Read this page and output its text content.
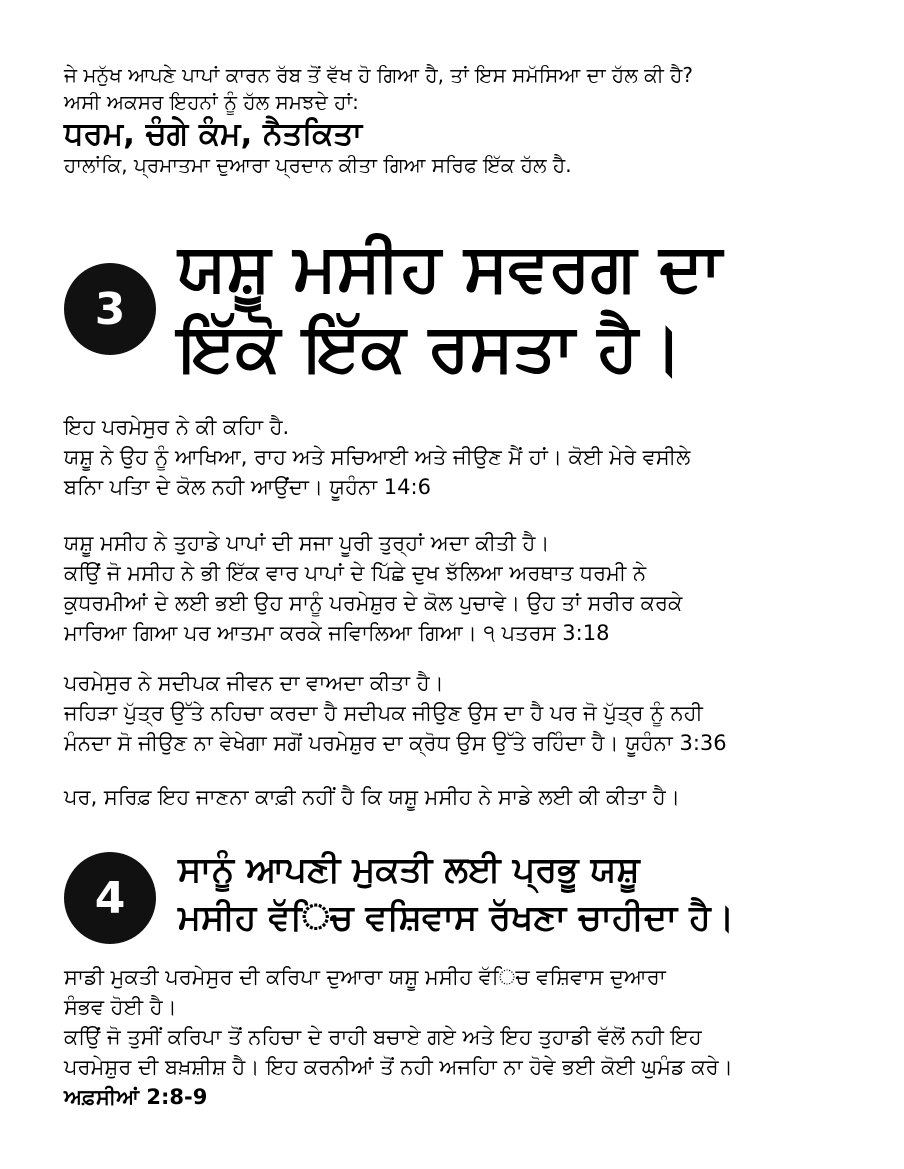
ਜੇ ਮਨੁੱਖ ਆਪਣੇ ਪਾਪਾਂ ਕਾਰਨ ਰੱਬ ਤੋਂ ਵੱਖ ਹੋ ਗਿਆ ਹੈ, ਤਾਂ ਇਸ ਸਮੱਸਿਆ ਦਾ ਹੱਲ ਕੀ ਹੈ?
ਅਸੀ ਅਕਸਰ ਇਹਨਾਂ ਨੂੰ ਹੱਲ ਸਮਝਦੇ ਹਾਂ:
ਧਰਮ, ਚੰਗੇ ਕੰਮ, ਨੈਤਕਿਤਾ
ਹਾਲਾਂਕਿ, ਪ੍ਰਮਾਤਮਾ ਦੁਆਰਾ ਪ੍ਰਦਾਨ ਕੀਤਾ ਗਿਆ ਸਰਿਫ ਇੱਕ ਹੱਲ ਹੈ.
3
ਯਸ਼ੂ ਮਸੀਹ ਸਵਰਗ ਦਾ
ਇੱਕੋ ਇੱਕ ਰਸਤਾ ਹੈ।
ਇਹ ਪਰਮੇਸੁਰ ਨੇ ਕੀ ਕਹਿਾ ਹੈ.
ਯਸ਼ੂ ਨੇ ਉਹ ਨੂੰ ਆਖਿਆ, ਰਾਹ ਅਤੇ ਸਚਿਆਈ ਅਤੇ ਜੀਉਣ ਮੈਂ ਹਾਂ। ਕੋਈ ਮੇਰੇ ਵਸੀਲੇ
ਬਨਿਾ ਪਤਿਾ ਦੇ ਕੋਲ ਨਹੀ ਆਉਂਦਾ। ਯੂਹੰਨਾ 14:6
ਯਸ਼ੂ ਮਸੀਹ ਨੇ ਤੁਹਾਡੇ ਪਾਪਾਂ ਦੀ ਸਜਾ ਪੂਰੀ ਤੁਰ੍ਹਾਂ ਅਦਾ ਕੀਤੀ ਹੈ।
ਕਉਿਂ ਜੋ ਮਸੀਹ ਨੇ ਭੀ ਇੱਕ ਵਾਰ ਪਾਪਾਂ ਦੇ ਪਿੱਛੇ ਦੁਖ ਝੱਲਿਆ ਅਰਥਾਤ ਧਰਮੀ ਨੇ
ਕੁਧਰਮੀਆਂ ਦੇ ਲਈ ਭਈ ਉਹ ਸਾਨੂੰ ਪਰਮੇਸ਼ੁਰ ਦੇ ਕੋਲ ਪੁਚਾਵੇ। ਉਹ ਤਾਂ ਸਰੀਰ ਕਰਕੇ
ਮਾਰਿਆ ਗਿਆ ਪਰ ਆਤਮਾ ਕਰਕੇ ਜਵਾਿਲਿਆ ਗਿਆ। ੧ ਪਤਰਸ 3:18
ਪਰਮੇਸੁਰ ਨੇ ਸਦੀਪਕ ਜੀਵਨ ਦਾ ਵਾਅਦਾ ਕੀਤਾ ਹੈ।
ਜਹਿੜਾ ਪੁੱਤ੍ਰ ਉੱਤੇ ਨਹਿਚਾ ਕਰਦਾ ਹੈ ਸਦੀਪਕ ਜੀਉਣ ਉਸ ਦਾ ਹੈ ਪਰ ਜੋ ਪੁੱਤ੍ਰ ਨੂੰ ਨਹੀ
ਮੰਨਦਾ ਸੋ ਜੀਉਣ ਨਾ ਵੇਖੇਗਾ ਸਗੋਂ ਪਰਮੇਸ਼ੁਰ ਦਾ ਕ੍ਰੋਧ ਉਸ ਉੱਤੇ ਰਹਿੰਦਾ ਹੈ। ਯੂਹੰਨਾ 3:36
ਪਰ, ਸਰਿਫ਼ ਇਹ ਜਾਣਨਾ ਕਾਫ਼ੀ ਨਹੀਂ ਹੈ ਕਿ ਯਸ਼ੂ ਮਸੀਹ ਨੇ ਸਾਡੇ ਲਈ ਕੀ ਕੀਤਾ ਹੈ।
4
ਸਾਨੂੰ ਆਪਣੀ ਮੁਕਤੀ ਲਈ ਪ੍ਰਭੂ ਯਸ਼ੂ
ਮਸੀਹ ਵੱਿਚ ਵਸ਼ਿਵਾਸ ਰੱਖਣਾ ਚਾਹੀਦਾ ਹੈ।
ਸਾਡੀ ਮੁਕਤੀ ਪਰਮੇਸੁਰ ਦੀ ਕਰਿਪਾ ਦੁਆਰਾ ਯਸ਼ੂ ਮਸੀਹ ਵੱਿਚ ਵਸ਼ਿਵਾਸ ਦੁਆਰਾ
ਸੰਭਵ ਹੋਈ ਹੈ।
ਕਉਿਂ ਜੋ ਤੁਸੀਂ ਕਰਿਪਾ ਤੋਂ ਨਹਿਚਾ ਦੇ ਰਾਹੀ ਬਚਾਏ ਗਏ ਅਤੇ ਇਹ ਤੁਹਾਡੀ ਵੱਲੋਂ ਨਹੀ ਇਹ
ਪਰਮੇਸ਼ੁਰ ਦੀ ਬਖ਼ਸ਼ੀਸ਼ ਹੈ। ਇਹ ਕਰਨੀਆਂ ਤੋਂ ਨਹੀ ਅਜਹਿਾ ਨਾ ਹੋਵੇ ਭਈ ਕੋਈ ਘੁਮੰਡ ਕਰੇ।
ਅਫ਼ਸੀਆਂ 2:8-9
